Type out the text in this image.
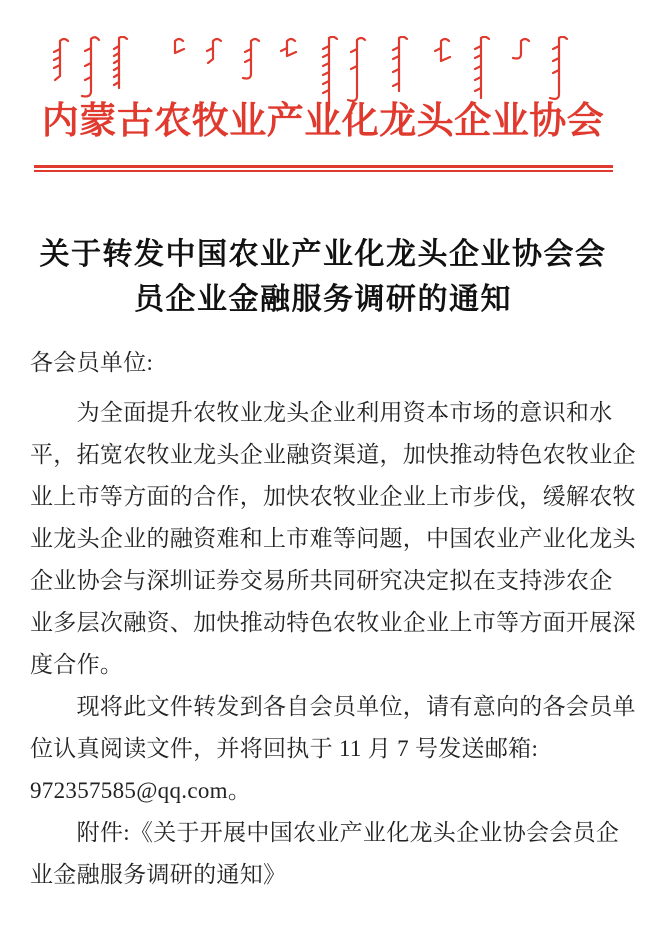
内蒙古农牧业产业化龙头企业协会
关于转发中国农业产业化龙头企业协会会
员企业金融服务调研的通知
各会员单位:
　　为全面提升农牧业龙头企业利用资本市场的意识和水
平，拓宽农牧业龙头企业融资渠道，加快推动特色农牧业企
业上市等方面的合作，加快农牧业企业上市步伐，缓解农牧
业龙头企业的融资难和上市难等问题，中国农业产业化龙头
企业协会与深圳证券交易所共同研究决定拟在支持涉农企
业多层次融资、加快推动特色农牧业企业上市等方面开展深
度合作。
　　现将此文件转发到各自会员单位，请有意向的各会员单
位认真阅读文件，并将回执于 11 月 7 号发送邮箱:
972357585@qq.com。
　　附件:《关于开展中国农业产业化龙头企业协会会员企
业金融服务调研的通知》
